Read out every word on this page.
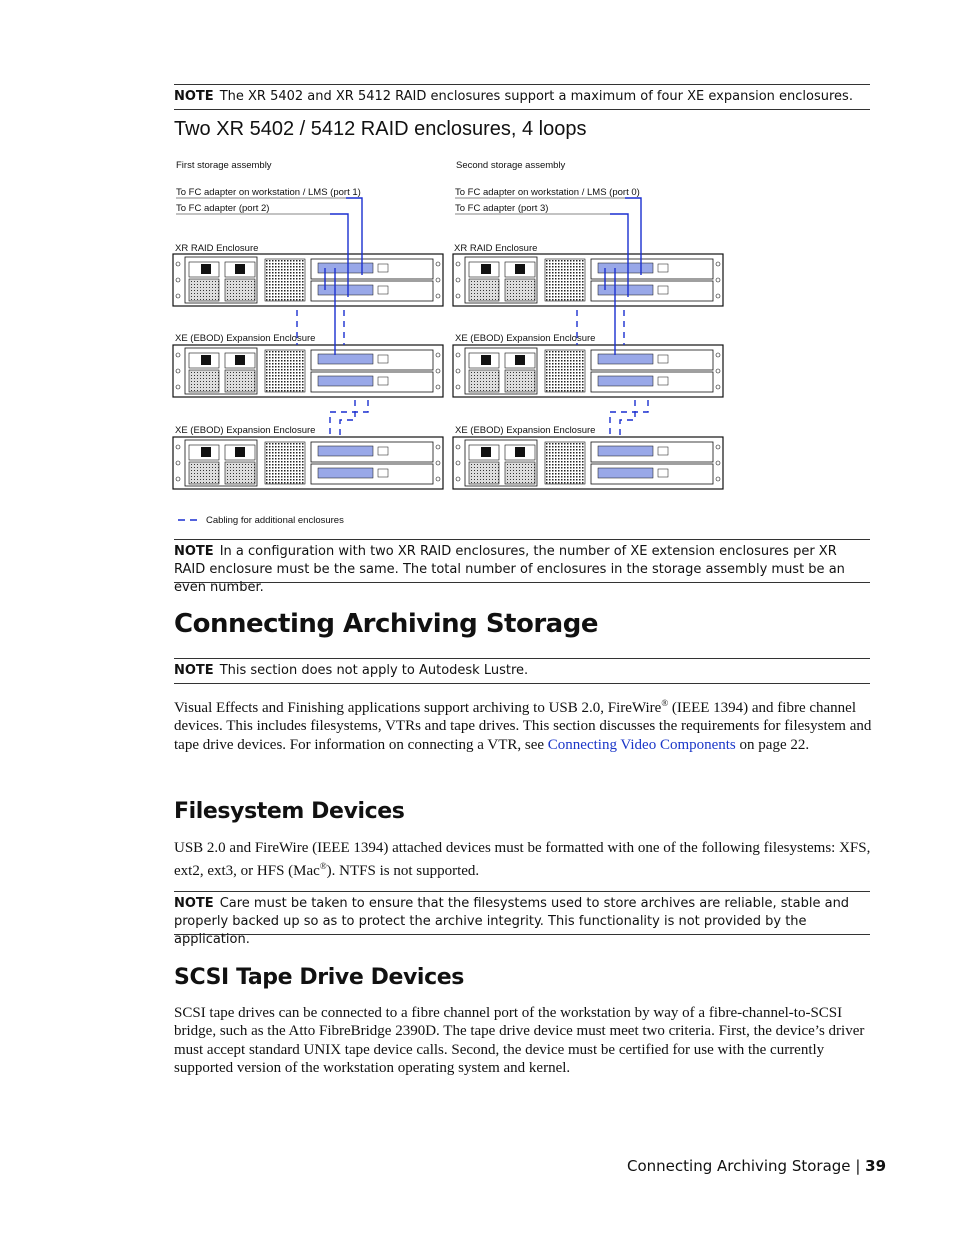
NOTE The XR 5402 and XR 5412 RAID enclosures support a maximum of four XE expansion enclosures.
Two XR 5402 / 5412 RAID enclosures, 4 loops
First storage assembly
To FC adapter on workstation / LMS (port 1)
To FC adapter (port 2)
XR RAID Enclosure
XE (EBOD) Expansion Enclosure
XE (EBOD) Expansion Enclosure
Second storage assembly
To FC adapter on workstation / LMS (port 0)
To FC adapter (port 3)
XR RAID Enclosure
XE (EBOD) Expansion Enclosure
XE (EBOD) Expansion Enclosure
Cabling for additional enclosures
NOTE In a configuration with two XR RAID enclosures, the number of XE extension enclosures per XR RAID enclosure must be the same. The total number of enclosures in the storage assembly must be an even number.
Connecting Archiving Storage
NOTE This section does not apply to Autodesk Lustre.
Visual Effects and Finishing applications support archiving to USB 2.0, FireWire® (IEEE 1394) and fibre channel devices. This includes filesystems, VTRs and tape drives. This section discusses the requirements for filesystem and tape drive devices. For information on connecting a VTR, see Connecting Video Components on page 22.
Filesystem Devices
USB 2.0 and FireWire (IEEE 1394) attached devices must be formatted with one of the following filesystems: XFS, ext2, ext3, or HFS (Mac®). NTFS is not supported.
NOTE Care must be taken to ensure that the filesystems used to store archives are reliable, stable and properly backed up so as to protect the archive integrity. This functionality is not provided by the application.
SCSI Tape Drive Devices
SCSI tape drives can be connected to a fibre channel port of the workstation by way of a fibre-channel-to-SCSI bridge, such as the Atto FibreBridge 2390D. The tape drive device must meet two criteria. First, the device’s driver must accept standard UNIX tape device calls. Second, the device must be certified for use with the currently supported version of the workstation operating system and kernel.
Connecting Archiving Storage | 39
